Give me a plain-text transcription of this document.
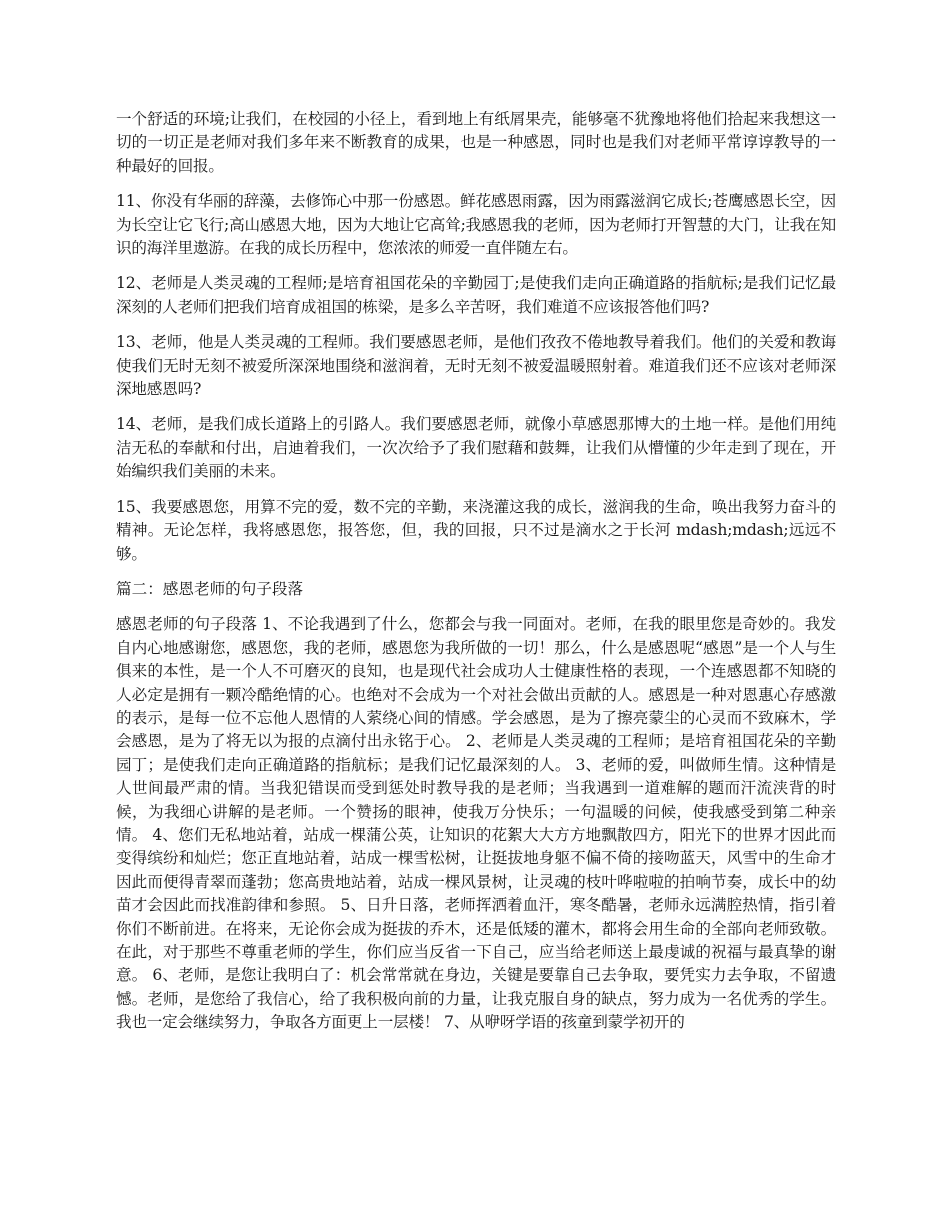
一个舒适的环境;让我们，在校园的小径上，看到地上有纸屑果壳，能够毫不犹豫地将他们拾起来我想这一切的一切正是老师对我们多年来不断教育的成果，也是一种感恩，同时也是我们对老师平常谆谆教导的一种最好的回报。

11、你没有华丽的辞藻，去修饰心中那一份感恩。鲜花感恩雨露，因为雨露滋润它成长;苍鹰感恩长空，因为长空让它飞行;高山感恩大地，因为大地让它高耸;我感恩我的老师，因为老师打开智慧的大门，让我在知识的海洋里遨游。在我的成长历程中，您浓浓的师爱一直伴随左右。

12、老师是人类灵魂的工程师;是培育祖国花朵的辛勤园丁;是使我们走向正确道路的指航标;是我们记忆最深刻的人老师们把我们培育成祖国的栋梁，是多么辛苦呀，我们难道不应该报答他们吗?

13、老师，他是人类灵魂的工程师。我们要感恩老师，是他们孜孜不倦地教导着我们。他们的关爱和教诲使我们无时无刻不被爱所深深地围绕和滋润着，无时无刻不被爱温暖照射着。难道我们还不应该对老师深深地感恩吗?

14、老师，是我们成长道路上的引路人。我们要感恩老师，就像小草感恩那博大的土地一样。是他们用纯洁无私的奉献和付出，启迪着我们，一次次给予了我们慰藉和鼓舞，让我们从懵懂的少年走到了现在，开始编织我们美丽的未来。

15、我要感恩您，用算不完的爱，数不完的辛勤，来浇灌这我的成长，滋润我的生命，唤出我努力奋斗的精神。无论怎样，我将感恩您，报答您，但，我的回报，只不过是滴水之于长河 mdash;mdash;远远不够。

篇二：感恩老师的句子段落

感恩老师的句子段落 1、不论我遇到了什么，您都会与我一同面对。老师，在我的眼里您是奇妙的。我发自内心地感谢您，感恩您，我的老师，感恩您为我所做的一切！那么，什么是感恩呢“感恩”是一个人与生俱来的本性，是一个人不可磨灭的良知，也是现代社会成功人士健康性格的表现，一个连感恩都不知晓的人必定是拥有一颗冷酷绝情的心。也绝对不会成为一个对社会做出贡献的人。感恩是一种对恩惠心存感激的表示，是每一位不忘他人恩情的人萦绕心间的情感。学会感恩，是为了擦亮蒙尘的心灵而不致麻木，学会感恩，是为了将无以为报的点滴付出永铭于心。 2、老师是人类灵魂的工程师；是培育祖国花朵的辛勤园丁；是使我们走向正确道路的指航标；是我们记忆最深刻的人。 3、老师的爱，叫做师生情。这种情是人世间最严肃的情。当我犯错误而受到惩处时教导我的是老师；当我遇到一道难解的题而汗流浃背的时候，为我细心讲解的是老师。一个赞扬的眼神，使我万分快乐；一句温暖的问候，使我感受到第二种亲情。 4、您们无私地站着，站成一棵蒲公英，让知识的花絮大大方方地飘散四方，阳光下的世界才因此而变得缤纷和灿烂；您正直地站着，站成一棵雪松树，让挺拔地身躯不偏不倚的接吻蓝天，风雪中的生命才因此而便得青翠而蓬勃；您高贵地站着，站成一棵风景树，让灵魂的枝叶哗啦啦的拍响节奏，成长中的幼苗才会因此而找准韵律和参照。 5、日升日落，老师挥洒着血汗，寒冬酷暑，老师永远满腔热情，指引着你们不断前进。在将来，无论你会成为挺拔的乔木，还是低矮的灌木，都将会用生命的全部向老师致敬。在此，对于那些不尊重老师的学生，你们应当反省一下自己，应当给老师送上最虔诚的祝福与最真挚的谢意。 6、老师，是您让我明白了：机会常常就在身边，关键是要靠自己去争取，要凭实力去争取，不留遗憾。老师，是您给了我信心，给了我积极向前的力量，让我克服自身的缺点，努力成为一名优秀的学生。我也一定会继续努力，争取各方面更上一层楼！ 7、从咿呀学语的孩童到蒙学初开的
